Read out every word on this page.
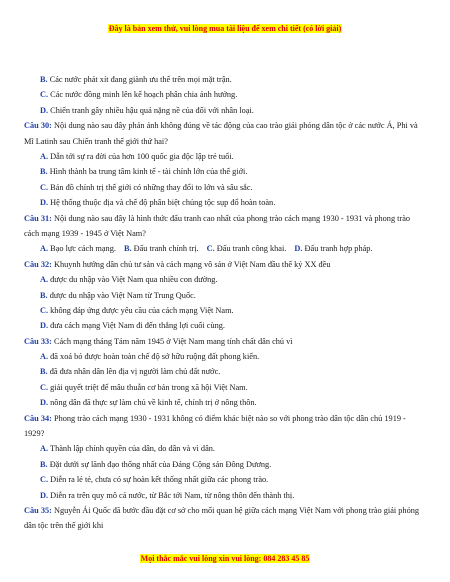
Đây là bản xem thử, vui lòng mua tài liệu để xem chi tiết (có lời giải)
B. Các nước phát xít đang giành ưu thế trên mọi mặt trận.
C. Các nước đồng minh lên kế hoạch phân chia ảnh hưởng.
D. Chiến tranh gây nhiều hậu quả nặng nề của đối với nhân loại.
Câu 30: Nội dung nào sau đây phản ánh không đúng về tác động của cao trào giải phóng dân tộc ở các nước Á, Phi và Mĩ Latinh sau Chiến tranh thế giới thứ hai?
A. Dẫn tới sự ra đời của hơn 100 quốc gia độc lập trẻ tuổi.
B. Hình thành ba trung tâm kinh tế - tài chính lớn của thế giới.
C. Bản đồ chính trị thế giới có những thay đổi to lớn và sâu sắc.
D. Hệ thống thuộc địa và chế độ phân biệt chủng tộc sụp đổ hoàn toàn.
Câu 31: Nội dung nào sau đây là hình thức đấu tranh cao nhất của phong trào cách mạng 1930 - 1931 và phong trào cách mạng 1939 - 1945 ở Việt Nam?
A. Bạo lực cách mạng. B. Đấu tranh chính trị. C. Đấu tranh công khai. D. Đấu tranh hợp pháp.
Câu 32: Khuynh hướng dân chủ tư sản và cách mạng vô sản ở Việt Nam đầu thế kỷ XX đều
A. được du nhập vào Việt Nam qua nhiều con đường.
B. được du nhập vào Việt Nam từ Trung Quốc.
C. không đáp ứng được yêu cầu của cách mạng Việt Nam.
D. đưa cách mạng Việt Nam đi đến thắng lợi cuối cùng.
Câu 33: Cách mạng tháng Tám năm 1945 ở Việt Nam mang tính chất dân chủ vì
A. đã xoá bỏ được hoàn toàn chế độ sở hữu ruộng đất phong kiến.
B. đã đưa nhân dân lên địa vị người làm chủ đất nước.
C. giải quyết triệt để mâu thuẫn cơ bản trong xã hội Việt Nam.
D. nông dân đã thực sự làm chủ về kinh tế, chính trị ở nông thôn.
Câu 34: Phong trào cách mạng 1930 - 1931 không có điểm khác biệt nào so với phong trào dân tộc dân chủ 1919 - 1929?
A. Thành lập chính quyền của dân, do dân và vì dân.
B. Đặt dưới sự lãnh đạo thống nhất của Đảng Cộng sản Đông Dương.
C. Diễn ra lẻ tẻ, chưa có sự hoàn kết thống nhất giữa các phong trào.
D. Diễn ra trên quy mô cả nước, từ Bắc tới Nam, từ nông thôn đến thành thị.
Câu 35: Nguyễn Ái Quốc đã bước đầu đặt cơ sở cho mối quan hệ giữa cách mạng Việt Nam với phong trào giải phóng dân tộc trên thế giới khi
Mọi thắc mắc vui lòng xin vui lòng: 084 283 45 85
